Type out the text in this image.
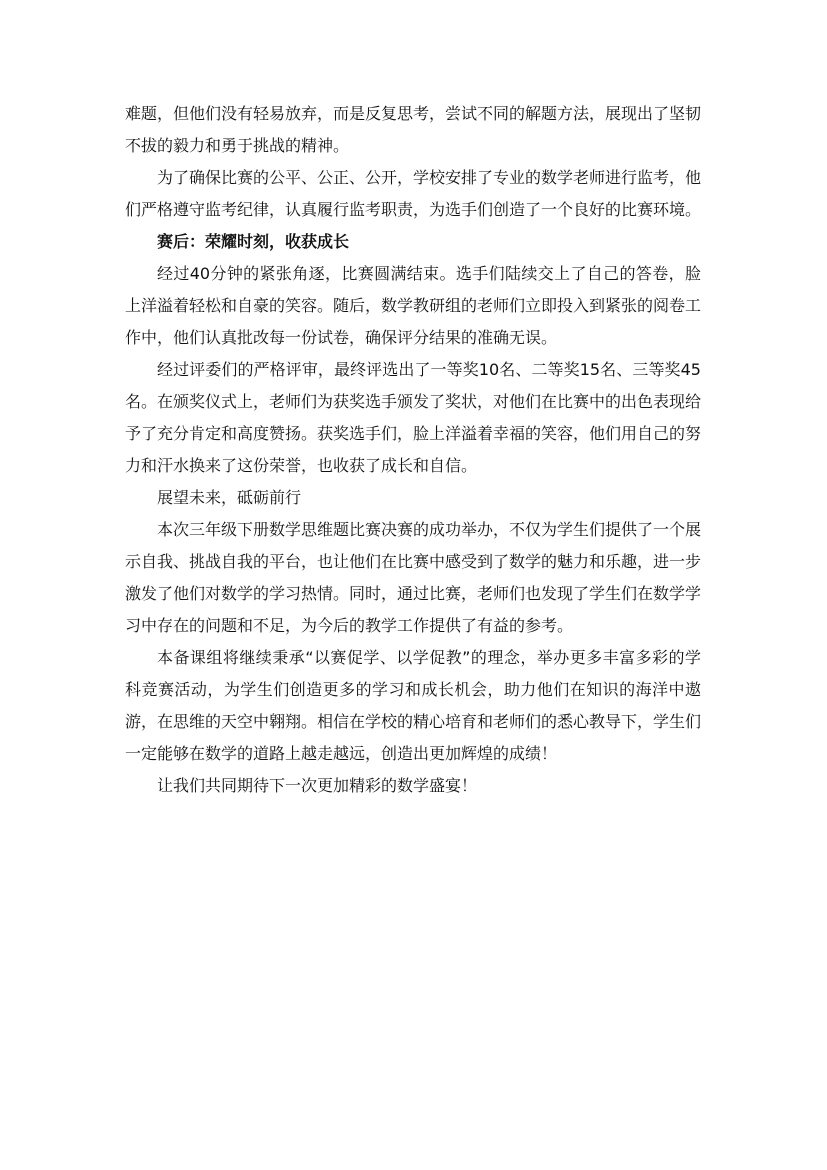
难题，但他们没有轻易放弃，而是反复思考，尝试不同的解题方法，展现出了坚韧不拔的毅力和勇于挑战的精神。

为了确保比赛的公平、公正、公开，学校安排了专业的数学老师进行监考，他们严格遵守监考纪律，认真履行监考职责，为选手们创造了一个良好的比赛环境。

赛后：荣耀时刻，收获成长

经过40分钟的紧张角逐，比赛圆满结束。选手们陆续交上了自己的答卷，脸上洋溢着轻松和自豪的笑容。随后，数学教研组的老师们立即投入到紧张的阅卷工作中，他们认真批改每一份试卷，确保评分结果的准确无误。

经过评委们的严格评审，最终评选出了一等奖10名、二等奖15名、三等奖45名。在颁奖仪式上，老师们为获奖选手颁发了奖状，对他们在比赛中的出色表现给予了充分肯定和高度赞扬。获奖选手们，脸上洋溢着幸福的笑容，他们用自己的努力和汗水换来了这份荣誉，也收获了成长和自信。

展望未来，砥砺前行

本次三年级下册数学思维题比赛决赛的成功举办，不仅为学生们提供了一个展示自我、挑战自我的平台，也让他们在比赛中感受到了数学的魅力和乐趣，进一步激发了他们对数学的学习热情。同时，通过比赛，老师们也发现了学生们在数学学习中存在的问题和不足，为今后的教学工作提供了有益的参考。

本备课组将继续秉承“以赛促学、以学促教”的理念，举办更多丰富多彩的学科竞赛活动，为学生们创造更多的学习和成长机会，助力他们在知识的海洋中遨游，在思维的天空中翱翔。相信在学校的精心培育和老师们的悉心教导下，学生们一定能够在数学的道路上越走越远，创造出更加辉煌的成绩！

让我们共同期待下一次更加精彩的数学盛宴！
